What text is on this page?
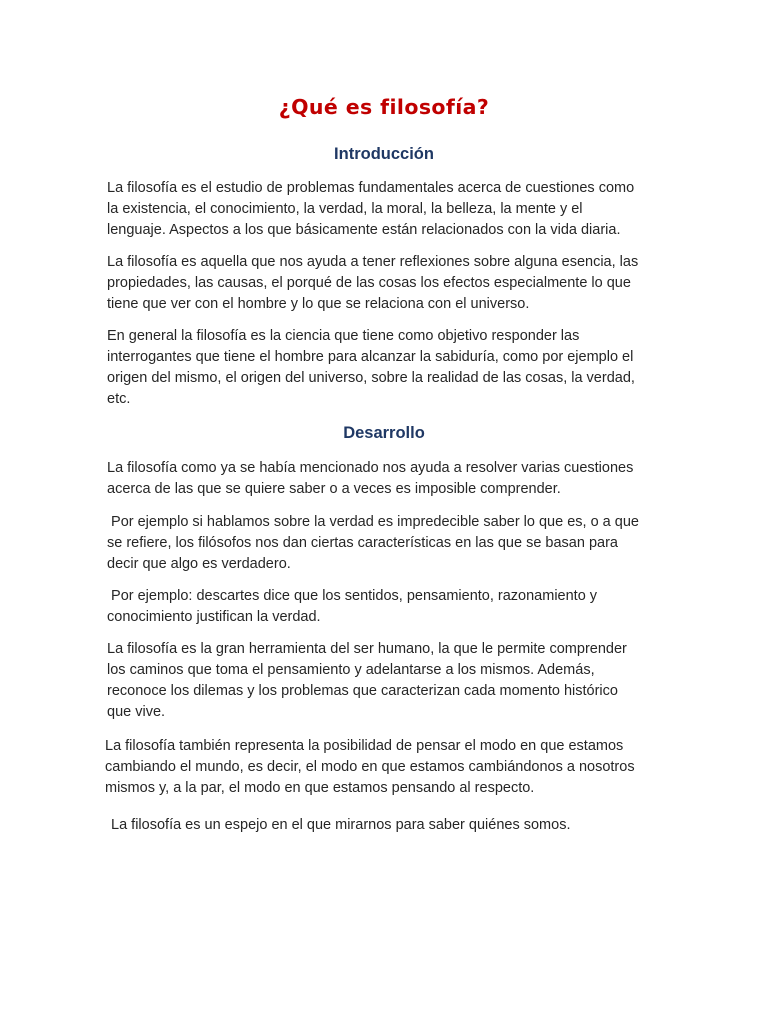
¿Qué es filosofía?
Introducción

La filosofía es el estudio de problemas fundamentales acerca de cuestiones como
la existencia, el conocimiento, la verdad, la moral, la belleza, la mente y el
lenguaje. Aspectos a los que básicamente están relacionados con la vida diaria.

La filosofía es aquella que nos ayuda a tener reflexiones sobre alguna esencia, las
propiedades, las causas, el porqué de las cosas los efectos especialmente lo que
tiene que ver con el hombre y lo que se relaciona con el universo.

En general la filosofía es la ciencia que tiene como objetivo responder las
interrogantes que tiene el hombre para alcanzar la sabiduría, como por ejemplo el
origen del mismo, el origen del universo, sobre la realidad de las cosas, la verdad,
etc.

Desarrollo

La filosofía como ya se había mencionado nos ayuda a resolver varias cuestiones
acerca de las que se quiere saber o a veces es imposible comprender.

Por ejemplo si hablamos sobre la verdad es impredecible saber lo que es, o a que
se refiere, los filósofos nos dan ciertas características en las que se basan para
decir que algo es verdadero.

Por ejemplo: descartes dice que los sentidos, pensamiento, razonamiento y
conocimiento justifican la verdad.

La filosofía es la gran herramienta del ser humano, la que le permite comprender
los caminos que toma el pensamiento y adelantarse a los mismos. Además,
reconoce los dilemas y los problemas que caracterizan cada momento histórico
que vive.

La filosofía también representa la posibilidad de pensar el modo en que estamos
cambiando el mundo, es decir, el modo en que estamos cambiándonos a nosotros
mismos y, a la par, el modo en que estamos pensando al respecto.

La filosofía es un espejo en el que mirarnos para saber quiénes somos.
